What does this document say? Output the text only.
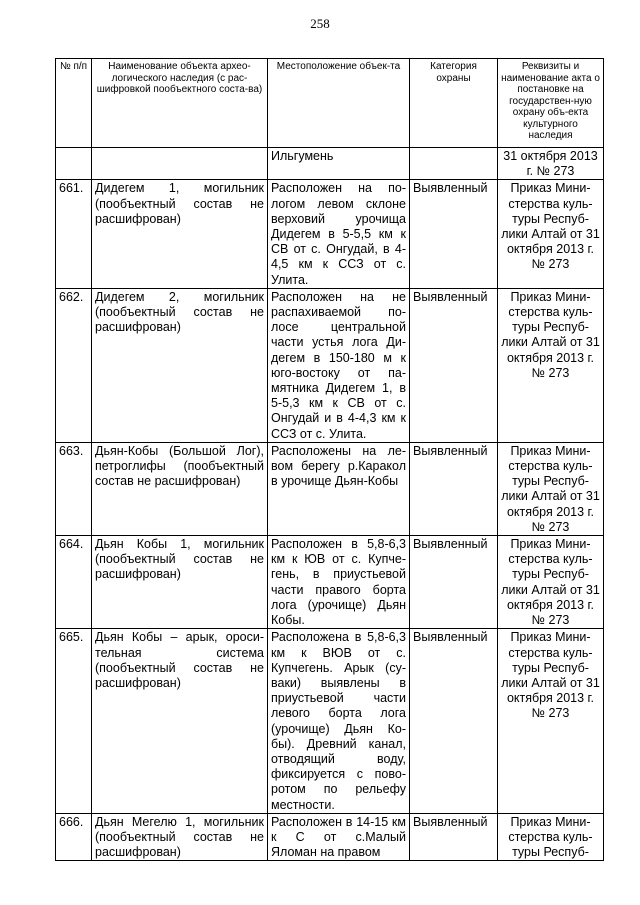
258
№ п/п	Наименование объекта архео-логического наследия (с рас-шифровкой пообъектного соста-ва)	Местоположение объек-та	Категория охраны	Реквизиты и наименование акта о постановке на государствен-ную охрану объ-екта культурного наследия
		Ильгумень		31 октября 2013 г. № 273
661.	Дидегем 1, могильник (пообъектный состав не расшифрован)	Расположен на по-логом левом склоне верховий урочища Дидегем в 5-5,5 км к СВ от с. Онгудай, в 4-4,5 км к ССЗ от с. Улита.	Выявленный	Приказ Мини-стерства куль-туры Респуб-лики Алтай от 31 октября 2013 г. № 273
662.	Дидегем 2, могильник (пообъектный состав не расшифрован)	Расположен на не распахиваемой по-лосе центральной части устья лога Ди-дегем в 150-180 м к юго-востоку от па-мятника Дидегем 1, в 5-5,3 км к СВ от с. Онгудай и в 4-4,3 км к ССЗ от с. Улита.	Выявленный	Приказ Мини-стерства куль-туры Респуб-лики Алтай от 31 октября 2013 г. № 273
663.	Дьян-Кобы (Большой Лог), петроглифы (пообъектный состав не расшифрован)	Расположены на ле-вом берегу р.Каракол в урочище Дьян-Кобы	Выявленный	Приказ Мини-стерства куль-туры Респуб-лики Алтай от 31 октября 2013 г. № 273
664.	Дьян Кобы 1, могильник (пообъектный состав не расшифрован)	Расположен в 5,8-6,3 км к ЮВ от с. Купче-гень, в приустьевой части правого борта лога (урочище) Дьян Кобы.	Выявленный	Приказ Мини-стерства куль-туры Респуб-лики Алтай от 31 октября 2013 г. № 273
665.	Дьян Кобы – арык, ороси-тельная система (пообъектный состав не расшифрован)	Расположена в 5,8-6,3 км к ВЮВ от с. Купчегень. Арык (су-ваки) выявлены в приустьевой части левого борта лога (урочище) Дьян Ко-бы). Древний канал, отводящий воду, фиксируется с пово-ротом по рельефу местности.	Выявленный	Приказ Мини-стерства куль-туры Респуб-лики Алтай от 31 октября 2013 г. № 273
666.	Дьян Мегелю 1, могильник (пообъектный состав не расшифрован)	Расположен в 14-15 км к С от с.Малый Яломан на правом	Выявленный	Приказ Мини-стерства куль-туры Респуб-
